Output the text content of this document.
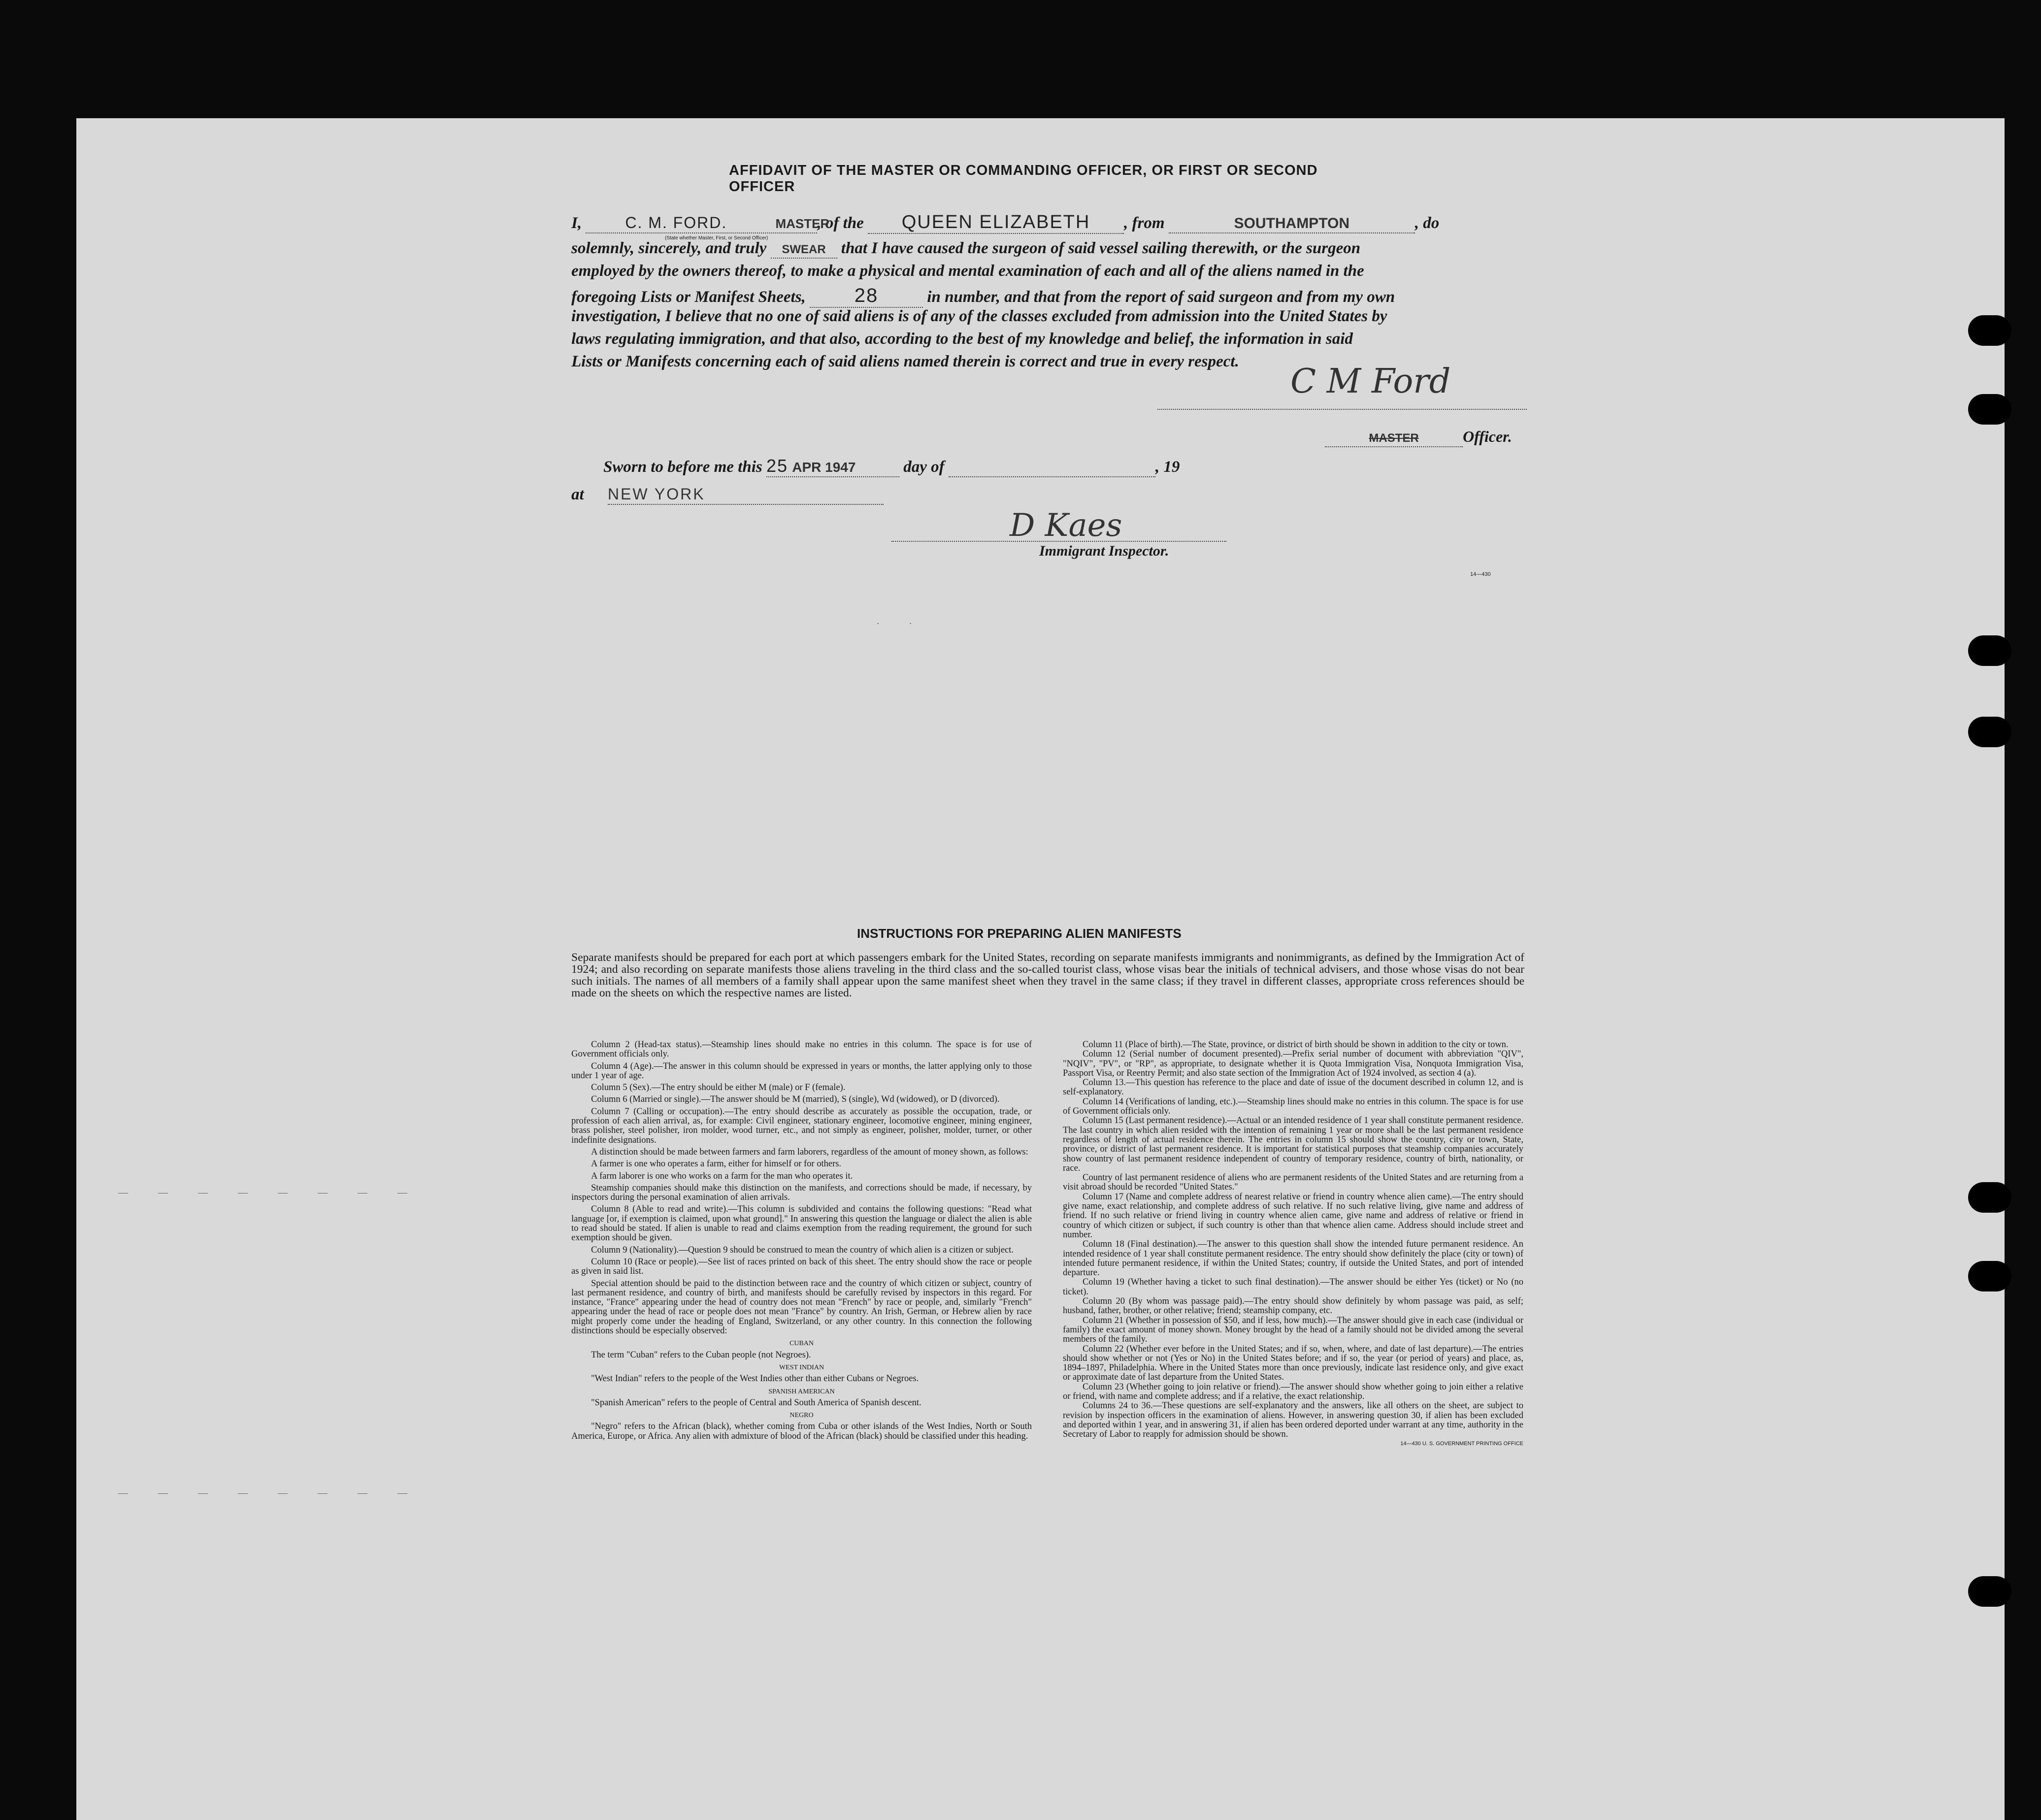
AFFIDAVIT OF THE MASTER OR COMMANDING OFFICER, OR FIRST OR SECOND OFFICER
I,	C. M. FORD.	MASTER, of the QUEEN ELIZABETH , from	SOUTHAMPTON	, do
(State whether Master, First, or Second Officer)
solemnly, sincerely, and truly SWEAR that I have caused the surgeon of said vessel sailing therewith, or the surgeon
employed by the owners thereof, to make a physical and mental examination of each and all of the aliens named in the
foregoing Lists or Manifest Sheets, 28	in number, and that from the report of said surgeon and from my own
investigation, I believe that no one of said aliens is of any of the classes excluded from admission into the United States by
laws regulating immigration, and that also, according to the best of my knowledge and belief, the information in said
Lists or Manifests concerning each of said aliens named therein is correct and true in every respect.
C M Ford
MASTER	Officer.
Sworn to before me this 25 APR 1947	day of	, 19
at NEW YORK
D Kaes
Immigrant Inspector.
14—430
. .
— — — — — — — —
— — — — — — — —
INSTRUCTIONS FOR PREPARING ALIEN MANIFESTS
Separate manifests should be prepared for each port at which passengers embark for the United States, recording on separate manifests immigrants and nonimmigrants, as defined by the Immigration Act of 1924; and also recording on separate manifests those aliens traveling in the third class and the so-called tourist class, whose visas bear the initials of technical advisers, and those whose visas do not bear such initials. The names of all members of a family shall appear upon the same manifest sheet when they travel in the same class; if they travel in different classes, appropriate cross references should be made on the sheets on which the respective names are listed.

Column 2 (Head-tax status).—Steamship lines should make no entries in this column. The space is for use of Government officials only.

Column 4 (Age).—The answer in this column should be expressed in years or months, the latter applying only to those under 1 year of age.

Column 5 (Sex).—The entry should be either M (male) or F (female).

Column 6 (Married or single).—The answer should be M (married), S (single), Wd (widowed), or D (divorced).

Column 7 (Calling or occupation).—The entry should describe as accurately as possible the occupation, trade, or profession of each alien arrival, as, for example: Civil engineer, stationary engineer, locomotive engineer, mining engineer, brass polisher, steel polisher, iron molder, wood turner, etc., and not simply as engineer, polisher, molder, turner, or other indefinite designations.

A distinction should be made between farmers and farm laborers, regardless of the amount of money shown, as follows:

A farmer is one who operates a farm, either for himself or for others.

A farm laborer is one who works on a farm for the man who operates it.

Steamship companies should make this distinction on the manifests, and corrections should be made, if necessary, by inspectors during the personal examination of alien arrivals.

Column 8 (Able to read and write).—This column is subdivided and contains the following questions: "Read what language [or, if exemption is claimed, upon what ground]." In answering this question the language or dialect the alien is able to read should be stated. If alien is unable to read and claims exemption from the reading requirement, the ground for such exemption should be given.

Column 9 (Nationality).—Question 9 should be construed to mean the country of which alien is a citizen or subject.

Column 10 (Race or people).—See list of races printed on back of this sheet. The entry should show the race or people as given in said list.

Special attention should be paid to the distinction between race and the country of which citizen or subject, country of last permanent residence, and country of birth, and manifests should be carefully revised by inspectors in this regard. For instance, "France" appearing under the head of country does not mean "French" by race or people, and, similarly "French" appearing under the head of race or people does not mean "France" by country. An Irish, German, or Hebrew alien by race might properly come under the heading of England, Switzerland, or any other country. In this connection the following distinctions should be especially observed:

CUBAN

The term "Cuban" refers to the Cuban people (not Negroes).

WEST INDIAN

"West Indian" refers to the people of the West Indies other than either Cubans or Negroes.

SPANISH AMERICAN

"Spanish American" refers to the people of Central and South America of Spanish descent.

NEGRO

"Negro" refers to the African (black), whether coming from Cuba or other islands of the West Indies, North or South America, Europe, or Africa. Any alien with admixture of blood of the African (black) should be classified under this heading.

Column 11 (Place of birth).—The State, province, or district of birth should be shown in addition to the city or town.

Column 12 (Serial number of document presented).—Prefix serial number of document with abbreviation "QIV", "NQIV", "PV", or "RP", as appropriate, to designate whether it is Quota Immigration Visa, Nonquota Immigration Visa, Passport Visa, or Reentry Permit; and also state section of the Immigration Act of 1924 involved, as section 4 (a).

Column 13.—This question has reference to the place and date of issue of the document described in column 12, and is self-explanatory.

Column 14 (Verifications of landing, etc.).—Steamship lines should make no entries in this column. The space is for use of Government officials only.

Column 15 (Last permanent residence).—Actual or an intended residence of 1 year shall constitute permanent residence. The last country in which alien resided with the intention of remaining 1 year or more shall be the last permanent residence regardless of length of actual residence therein. The entries in column 15 should show the country, city or town, State, province, or district of last permanent residence. It is important for statistical purposes that steamship companies accurately show country of last permanent residence independent of country of temporary residence, country of birth, nationality, or race.

Country of last permanent residence of aliens who are permanent residents of the United States and are returning from a visit abroad should be recorded "United States."

Column 17 (Name and complete address of nearest relative or friend in country whence alien came).—The entry should give name, exact relationship, and complete address of such relative. If no such relative living, give name and address of friend. If no such relative or friend living in country whence alien came, give name and address of relative or friend in country of which citizen or subject, if such country is other than that whence alien came. Address should include street and number.

Column 18 (Final destination).—The answer to this question shall show the intended future permanent residence. An intended residence of 1 year shall constitute permanent residence. The entry should show definitely the place (city or town) of intended future permanent residence, if within the United States; country, if outside the United States, and port of intended departure.

Column 19 (Whether having a ticket to such final destination).—The answer should be either Yes (ticket) or No (no ticket).

Column 20 (By whom was passage paid).—The entry should show definitely by whom passage was paid, as self; husband, father, brother, or other relative; friend; steamship company, etc.

Column 21 (Whether in possession of $50, and if less, how much).—The answer should give in each case (individual or family) the exact amount of money shown. Money brought by the head of a family should not be divided among the several members of the family.

Column 22 (Whether ever before in the United States; and if so, when, where, and date of last departure).—The entries should show whether or not (Yes or No) in the United States before; and if so, the year (or period of years) and place, as, 1894–1897, Philadelphia. Where in the United States more than once previously, indicate last residence only, and give exact or approximate date of last departure from the United States.

Column 23 (Whether going to join relative or friend).—The answer should show whether going to join either a relative or friend, with name and complete address; and if a relative, the exact relationship.

Columns 24 to 36.—These questions are self-explanatory and the answers, like all others on the sheet, are subject to revision by inspection officers in the examination of aliens. However, in answering question 30, if alien has been excluded and deported within 1 year, and in answering 31, if alien has been ordered deported under warrant at any time, authority in the Secretary of Labor to reapply for admission should be shown.

14—430 U. S. GOVERNMENT PRINTING OFFICE
